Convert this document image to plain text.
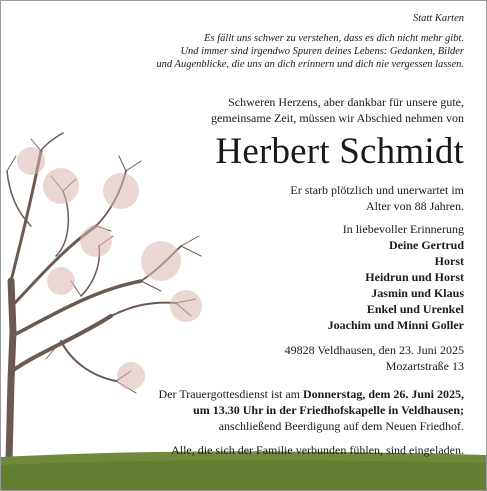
Statt Karten
Es fällt uns schwer zu verstehen, dass es dich nicht mehr gibt.
Und immer sind irgendwo Spuren deines Lebens: Gedanken, Bilder
und Augenblicke, die uns an dich erinnern und dich nie vergessen lassen.
Schweren Herzens, aber dankbar für unsere gute,
gemeinsame Zeit, müssen wir Abschied nehmen von
Herbert Schmidt
Er starb plötzlich und unerwartet im
Alter von 88 Jahren.
In liebevoller Erinnerung
Deine Gertrud
Horst
Heidrun und Horst
Jasmin und Klaus
Enkel und Urenkel
Joachim und Minni Goller
49828 Veldhausen, den 23. Juni 2025
Mozartstraße 13
Der Trauergottesdienst ist am Donnerstag, dem 26. Juni 2025,
um 13.30 Uhr in der Friedhofskapelle in Veldhausen;
anschließend Beerdigung auf dem Neuen Friedhof.
Alle, die sich der Familie verbunden fühlen, sind eingeladen.
